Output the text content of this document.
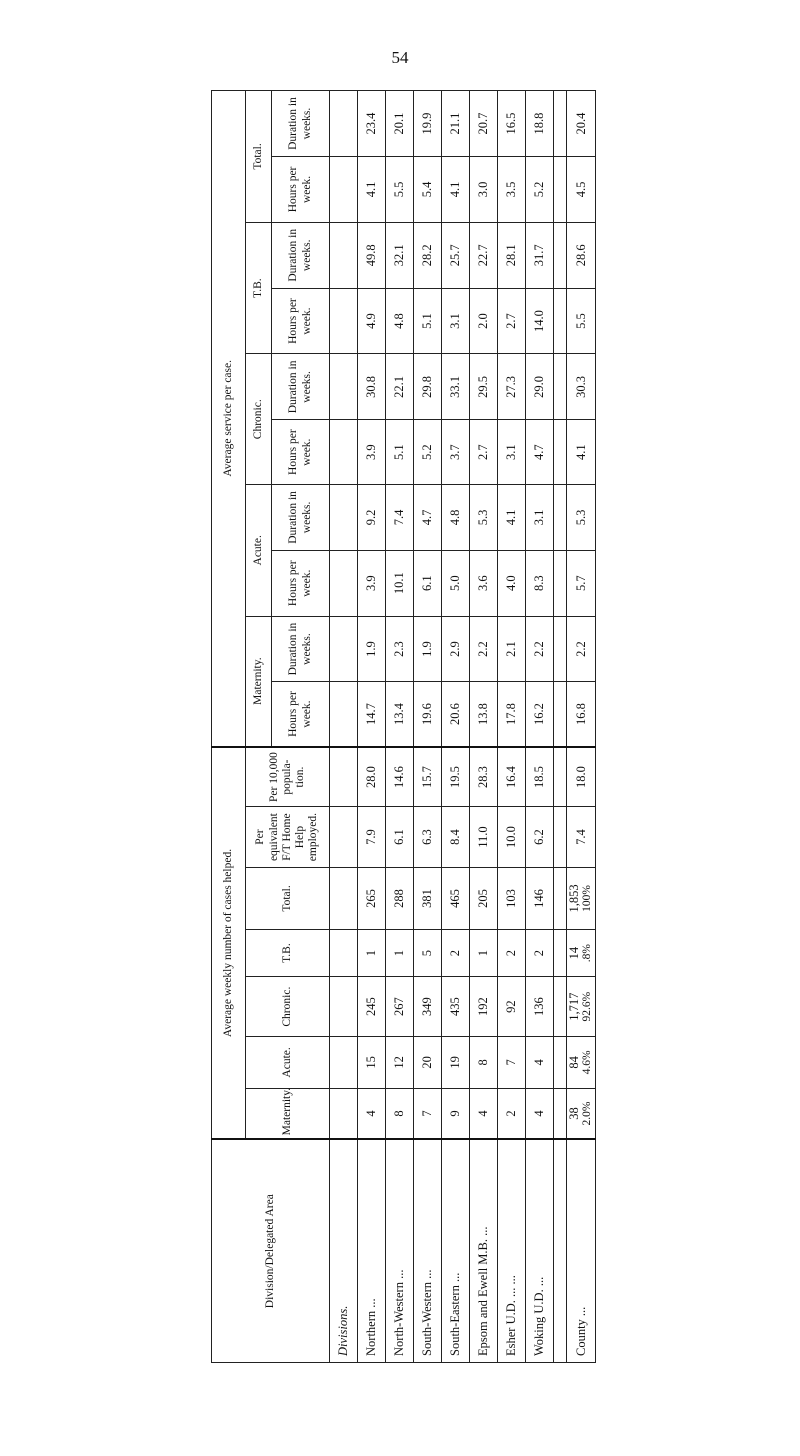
54
Division/Delegated Area	Average weekly number of cases helped.							Average service per case.									
	Maternity.	Acute.	Chronic.	T.B.	Total.	Per equivalent F/T Home Help employed.	Per 10,000 popula-tion.	Maternity.		Acute.		Chronic.		T.B.		Total.	
								Hours per week.	Duration in weeks.	Hours per week.	Duration in weeks.	Hours per week.	Duration in weeks.	Hours per week.	Duration in weeks.	Hours per week.	Duration in weeks.
Divisions.																	
Northern ...	4	15	245	1	265	7.9	28.0	14.7	1.9	3.9	9.2	3.9	30.8	4.9	49.8	4.1	23.4
North-Western ...	8	12	267	1	288	6.1	14.6	13.4	2.3	10.1	7.4	5.1	22.1	4.8	32.1	5.5	20.1
South-Western ...	7	20	349	5	381	6.3	15.7	19.6	1.9	6.1	4.7	5.2	29.8	5.1	28.2	5.4	19.9
South-Eastern ...	9	19	435	2	465	8.4	19.5	20.6	2.9	5.0	4.8	3.7	33.1	3.1	25.7	4.1	21.1
Epsom and Ewell M.B. ...	4	8	192	1	205	11.0	28.3	13.8	2.2	3.6	5.3	2.7	29.5	2.0	22.7	3.0	20.7
Esher U.D. ... ...	2	7	92	2	103	10.0	16.4	17.8	2.1	4.0	4.1	3.1	27.3	2.7	28.1	3.5	16.5
Woking U.D. ...	4	4	136	2	146	6.2	18.5	16.2	2.2	8.3	3.1	4.7	29.0	14.0	31.7	5.2	18.8

County ...	38 2.0%	84 4.6%	1,717 92.6%	14 .8%	1,853 100%	7.4	18.0	16.8	2.2	5.7	5.3	4.1	30.3	5.5	28.6	4.5	20.4
